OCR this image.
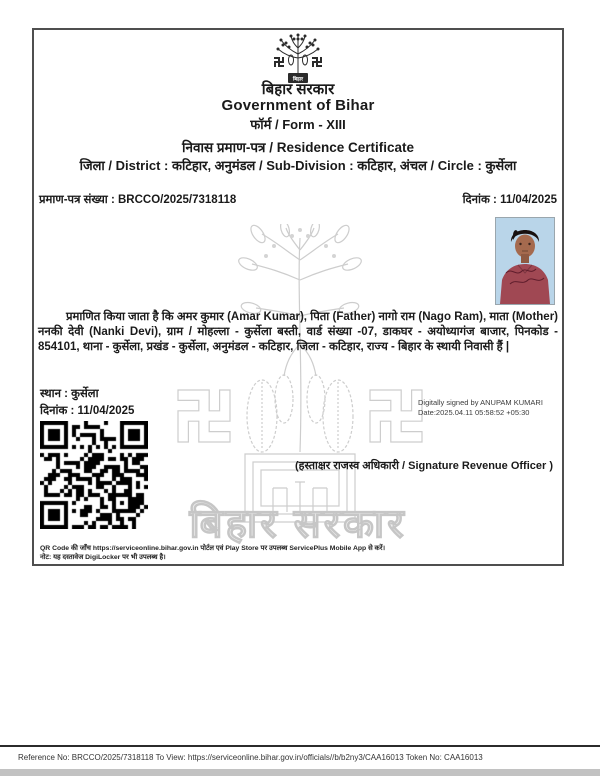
बिहार सरकार
बिहार
बिहार सरकार
Government of Bihar
फॉर्म / Form - XIII
निवास प्रमाण-पत्र / Residence Certificate
जिला / District : कटिहार, अनुमंडल / Sub-Division : कटिहार, अंचल / Circle : कुर्सेला
प्रमाण-पत्र संख्या : BRCCO/2025/7318118	दिनांक : 11/04/2025

प्रमाणित किया जाता है कि अमर कुमार (Amar Kumar), पिता (Father) नागो राम (Nago Ram), माता (Mother) ननकी देवी (Nanki Devi), ग्राम / मोहल्ला - कुर्सेला बस्ती, वार्ड संख्या -07, डाकघर - अयोध्यागंज बाजार, पिनकोड - 854101, थाना - कुर्सेला, प्रखंड - कुर्सेला, अनुमंडल - कटिहार, जिला - कटिहार, राज्य - बिहार के स्थायी निवासी हैं |

स्थान : कुर्सेला
दिनांक : 11/04/2025
Digitally signed by ANUPAM KUMARI
Date:2025.04.11 05:58:52 +05:30
(हस्ताक्षर राजस्व अधिकारी / Signature Revenue Officer )
QR Code की जाँच https://serviceonline.bihar.gov.in पोर्टल एवं Play Store पर उपलब्ध ServicePlus Mobile App से करें।
नोट: यह दस्तावेज DigiLocker पर भी उपलब्ध है।
Reference No: BRCCO/2025/7318118 To View: https://serviceonline.bihar.gov.in/officials//b/b2ny3/CAA16013 Token No: CAA16013
